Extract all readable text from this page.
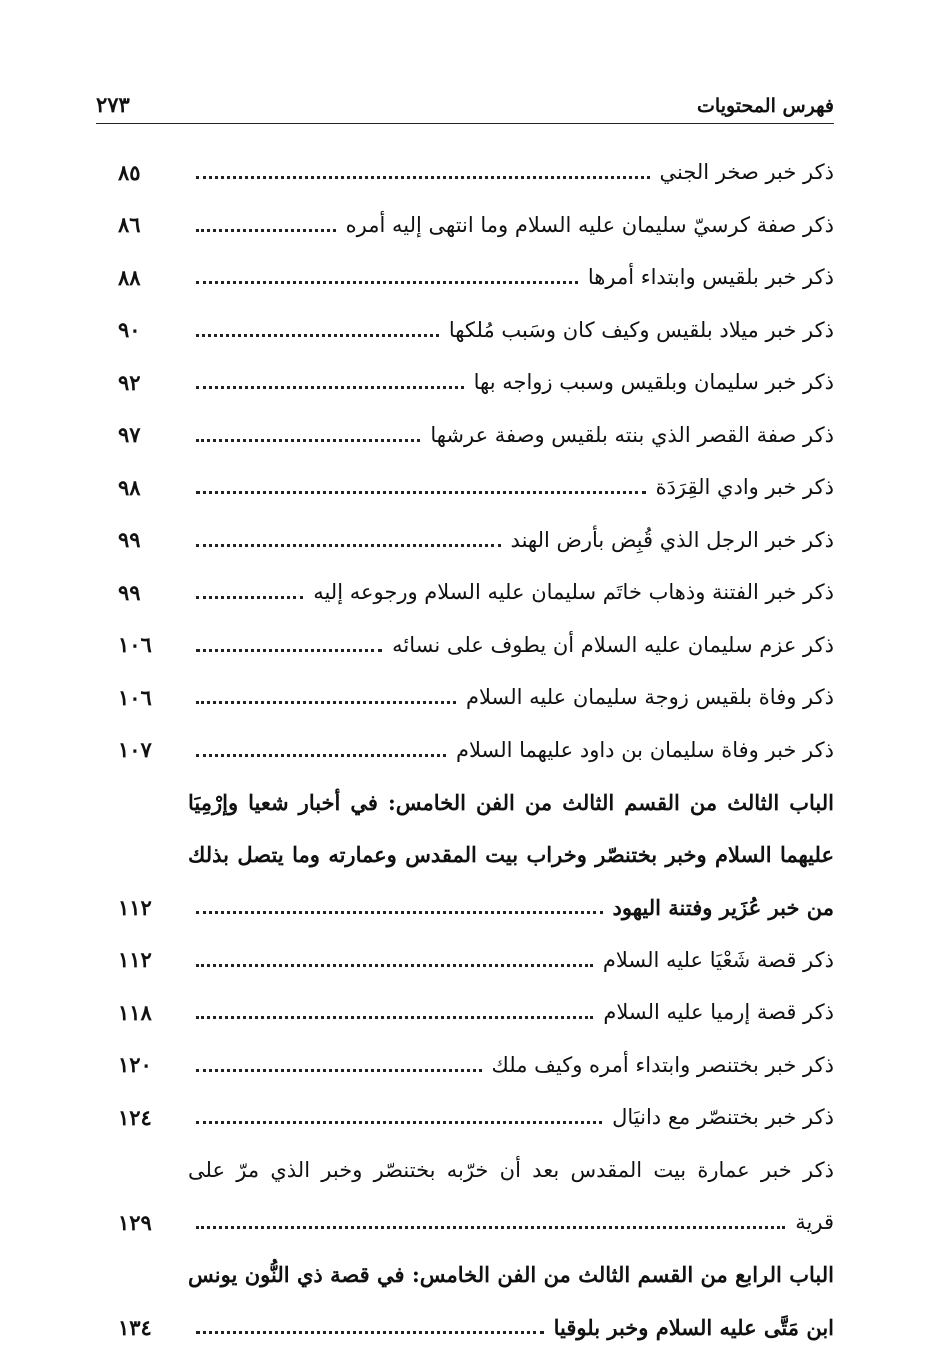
فهرس المحتويات
٢٧٣
ذكر خبر صخر الجني
٨٥
ذكر صفة كرسيّ سليمان عليه السلام وما انتهى إليه أمره
٨٦
ذكر خبر بلقيس وابتداء أمرها
٨٨
ذكر خبر ميلاد بلقيس وكيف كان وسَبب مُلكها
٩٠
ذكر خبر سليمان وبلقيس وسبب زواجه بها
٩٢
ذكر صفة القصر الذي بنته بلقيس وصفة عرشها
٩٧
ذكر خبر وادي القِرَدَة
٩٨
ذكر خبر الرجل الذي قُبِض بأرض الهند
٩٩
ذكر خبر الفتنة وذهاب خاتَم سليمان عليه السلام ورجوعه إليه
٩٩
ذكر عزم سليمان عليه السلام أن يطوف على نسائه
١٠٦
ذكر وفاة بلقيس زوجة سليمان عليه السلام
١٠٦
ذكر خبر وفاة سليمان بن داود عليهما السلام
١٠٧
الباب الثالث من القسم الثالث من الفن الخامس: في أخبار شعيا وإرْمِيَا
عليهما السلام وخبر بختنصّر وخراب بيت المقدس وعمارته وما يتصل بذلك
من خبر عُزَير وفتنة اليهود
١١٢
ذكر قصة شَعْيَا عليه السلام
١١٢
ذكر قصة إرميا عليه السلام
١١٨
ذكر خبر بختنصر وابتداء أمره وكيف ملك
١٢٠
ذكر خبر بختنصّر مع دانيَال
١٢٤
ذكر خبر عمارة بيت المقدس بعد أن خرّبه بختنصّر وخبر الذي مرّ على
قرية
١٢٩
الباب الرابع من القسم الثالث من الفن الخامس: في قصة ذي النُّون يونس
ابن مَتَّى عليه السلام وخبر بلوقيا
١٣٤
